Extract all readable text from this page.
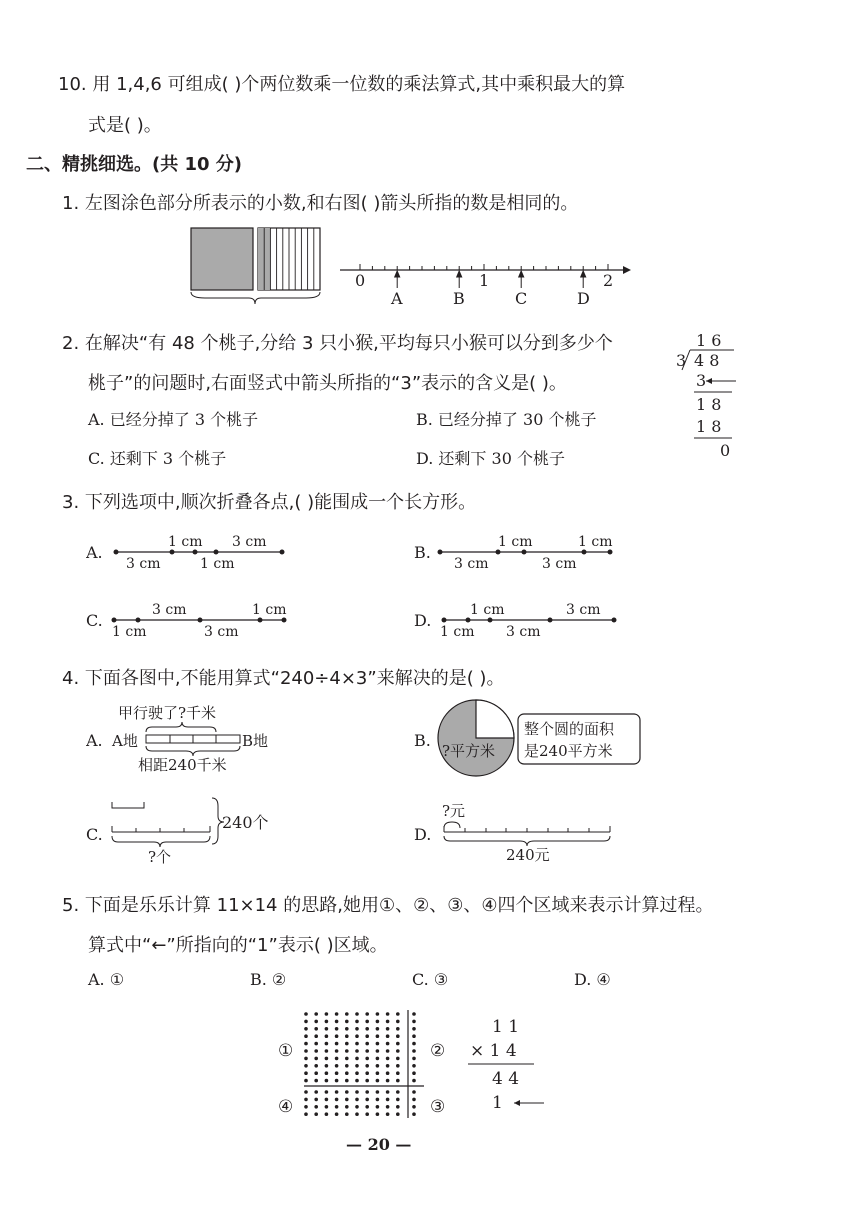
10. 用 1,4,6 可组成( )个两位数乘一位数的乘法算式,其中乘积最大的算
式是( )。
二、精挑细选。(共 10 分)
1. 左图涂色部分所表示的小数,和右图( )箭头所指的数是相同的。
0	1	2
A	B	C	D
2. 在解决“有 48 个桃子,分给 3 只小猴,平均每只小猴可以分到多少个
桃子”的问题时,右面竖式中箭头所指的“3”表示的含义是( )。
A. 已经分掉了 3 个桃子	B. 已经分掉了 30 个桃子
C. 还剩下 3 个桃子	D. 还剩下 30 个桃子
1 6
3 4 8
3
1 8
1 8
0
3. 下列选项中,顺次折叠各点,( )能围成一个长方形。
A.
1 cm 3 cm
3 cm	1 cm
B.
1 cm	1 cm
3 cm	3 cm
C.
3 cm	1 cm
1 cm	3 cm
D.
1 cm	3 cm
1 cm 3 cm
4. 下面各图中,不能用算式“240÷4×3”来解决的是( )。
A.
甲行驶了?千米
A地	B地
相距240千米
B.
?平方米
整个圆的面积
是240平方米
C.
240个
?个
D.
?元
240元
5. 下面是乐乐计算 11×14 的思路,她用①、②、③、④四个区域来表示计算过程。
算式中“←”所指向的“1”表示( )区域。
A. ①	B. ②	C. ③	D. ④
①	②
③
④
1 1
× 1 4
4 4
1
— 20 —
